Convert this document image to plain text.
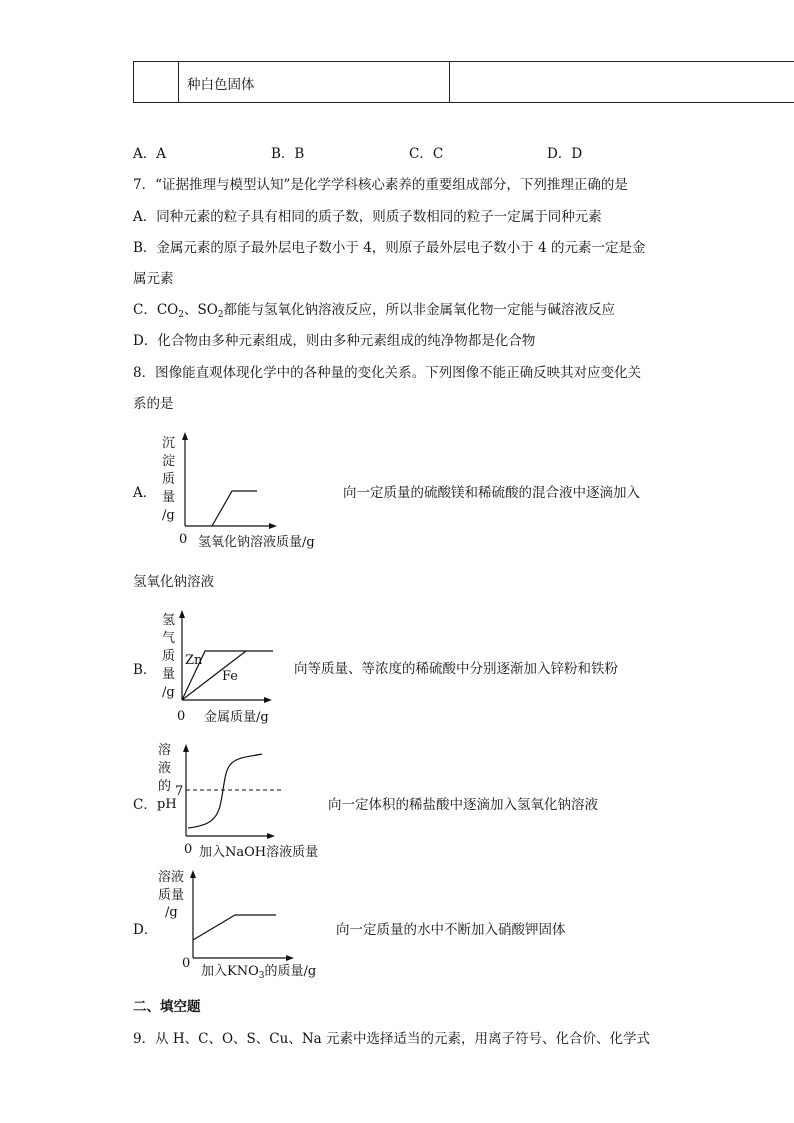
种白色固体
A．A	B．B	C．C	D．D
7．“证据推理与模型认知”是化学学科核心素养的重要组成部分，下列推理正确的是
A．同种元素的粒子具有相同的质子数，则质子数相同的粒子一定属于同种元素
B．金属元素的原子最外层电子数小于 4，则原子最外层电子数小于 4 的元素一定是金
属元素
C．$CO_2$、$SO_2$都能与氢氧化钠溶液反应，所以非金属氧化物一定能与碱溶液反应
D．化合物由多种元素组成，则由多种元素组成的纯净物都是化合物
8．图像能直观体现化学中的各种量的变化关系。下列图像不能正确反映其对应变化关
系的是
A．
沉
淀
质
量
/g
0 氢氧化钠溶液质量/g
向一定质量的硫酸镁和稀硫酸的混合液中逐滴加入
氢氧化钠溶液
B．
氢
气
质
量
/g
Zn
Fe
0 金属质量/g
向等质量、等浓度的稀硫酸中分别逐渐加入锌粉和铁粉
C．
溶
液
的
pH
7
0 加入NaOH溶液质量
向一定体积的稀盐酸中逐滴加入氢氧化钠溶液
D．
溶液
质量
/g
0
加入$KNO_3$的质量/g
向一定质量的水中不断加入硝酸钾固体
二、填空题
9．从 H、C、O、S、Cu、Na 元素中选择适当的元素，用离子符号、化合价、化学式
